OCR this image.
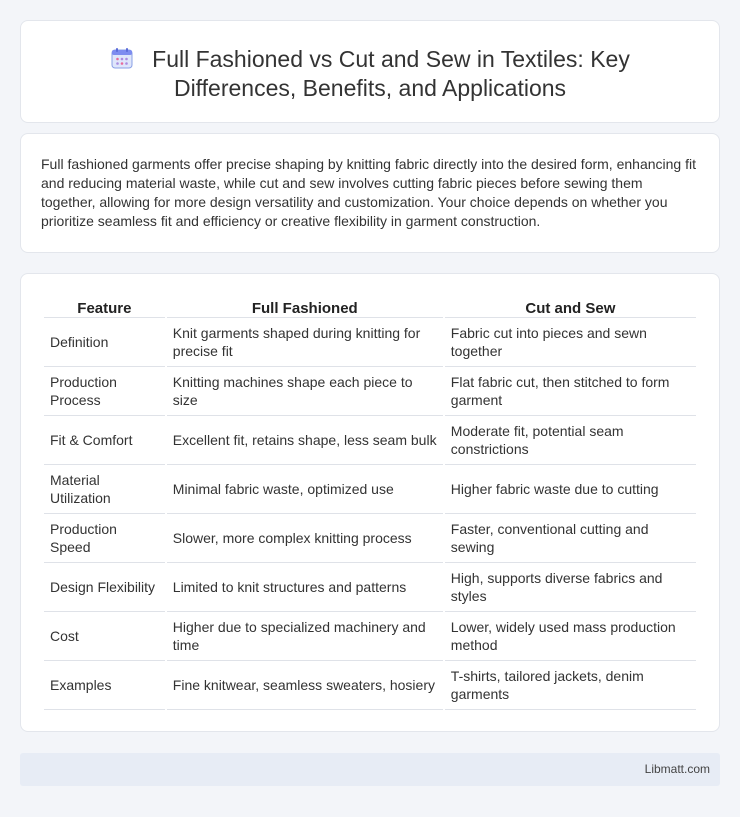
Full Fashioned vs Cut and Sew in Textiles: Key
Differences, Benefits, and Applications

Full fashioned garments offer precise shaping by knitting fabric directly into the desired form, enhancing fit and reducing material waste, while cut and sew involves cutting fabric pieces before sewing them together, allowing for more design versatility and customization. Your choice depends on whether you prioritize seamless fit and efficiency or creative flexibility in garment construction.

Feature	Full Fashioned	Cut and Sew
Definition	Knit garments shaped during knitting for precise fit	Fabric cut into pieces and sewn together
Production Process	Knitting machines shape each piece to size	Flat fabric cut, then stitched to form garment
Fit & Comfort	Excellent fit, retains shape, less seam bulk	Moderate fit, potential seam constrictions
Material Utilization	Minimal fabric waste, optimized use	Higher fabric waste due to cutting
Production Speed	Slower, more complex knitting process	Faster, conventional cutting and sewing
Design Flexibility	Limited to knit structures and patterns	High, supports diverse fabrics and styles
Cost	Higher due to specialized machinery and time	Lower, widely used mass production method
Examples	Fine knitwear, seamless sweaters, hosiery	T-shirts, tailored jackets, denim garments
Libmatt.com
